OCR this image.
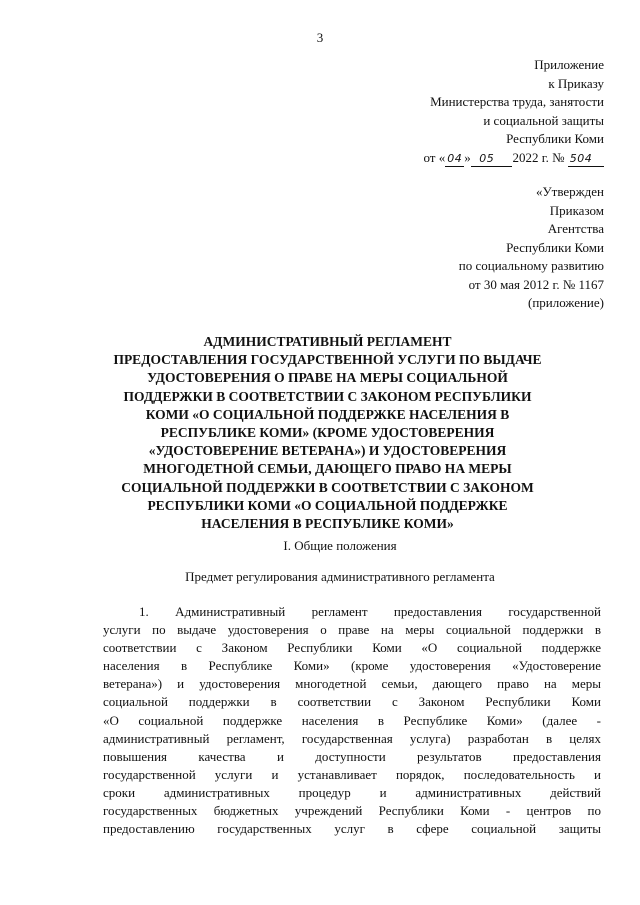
3
Приложение
к Приказу
Министерства труда, занятости
и социальной защиты
Республики Коми
от « 04 » 05 2022 г. № 504
«Утвержден
Приказом
Агентства
Республики Коми
по социальному развитию
от 30 мая 2012 г. № 1167
(приложение)
АДМИНИСТРАТИВНЫЙ РЕГЛАМЕНТ
ПРЕДОСТАВЛЕНИЯ ГОСУДАРСТВЕННОЙ УСЛУГИ ПО ВЫДАЧЕ
УДОСТОВЕРЕНИЯ О ПРАВЕ НА МЕРЫ СОЦИАЛЬНОЙ
ПОДДЕРЖКИ В СООТВЕТСТВИИ С ЗАКОНОМ РЕСПУБЛИКИ
КОМИ «О СОЦИАЛЬНОЙ ПОДДЕРЖКЕ НАСЕЛЕНИЯ В
РЕСПУБЛИКЕ КОМИ» (КРОМЕ УДОСТОВЕРЕНИЯ
«УДОСТОВЕРЕНИЕ ВЕТЕРАНА») И УДОСТОВЕРЕНИЯ
МНОГОДЕТНОЙ СЕМЬИ, ДАЮЩЕГО ПРАВО НА МЕРЫ
СОЦИАЛЬНОЙ ПОДДЕРЖКИ В СООТВЕТСТВИИ С ЗАКОНОМ
РЕСПУБЛИКИ КОМИ «О СОЦИАЛЬНОЙ ПОДДЕРЖКЕ
НАСЕЛЕНИЯ В РЕСПУБЛИКЕ КОМИ»
I. Общие положения
Предмет регулирования административного регламента
1. Административный регламент предоставления государственной
услуги по выдаче удостоверения о праве на меры социальной поддержки в
соответствии с Законом Республики Коми «О социальной поддержке
населения в Республике Коми» (кроме удостоверения «Удостоверение
ветерана») и удостоверения многодетной семьи, дающего право на меры
социальной поддержки в соответствии с Законом Республики Коми
«О социальной поддержке населения в Республике Коми» (далее -
административный регламент, государственная услуга) разработан в целях
повышения качества и доступности результатов предоставления
государственной услуги и устанавливает порядок, последовательность и
сроки административных процедур и административных действий
государственных бюджетных учреждений Республики Коми - центров по
предоставлению государственных услуг в сфере социальной защиты
